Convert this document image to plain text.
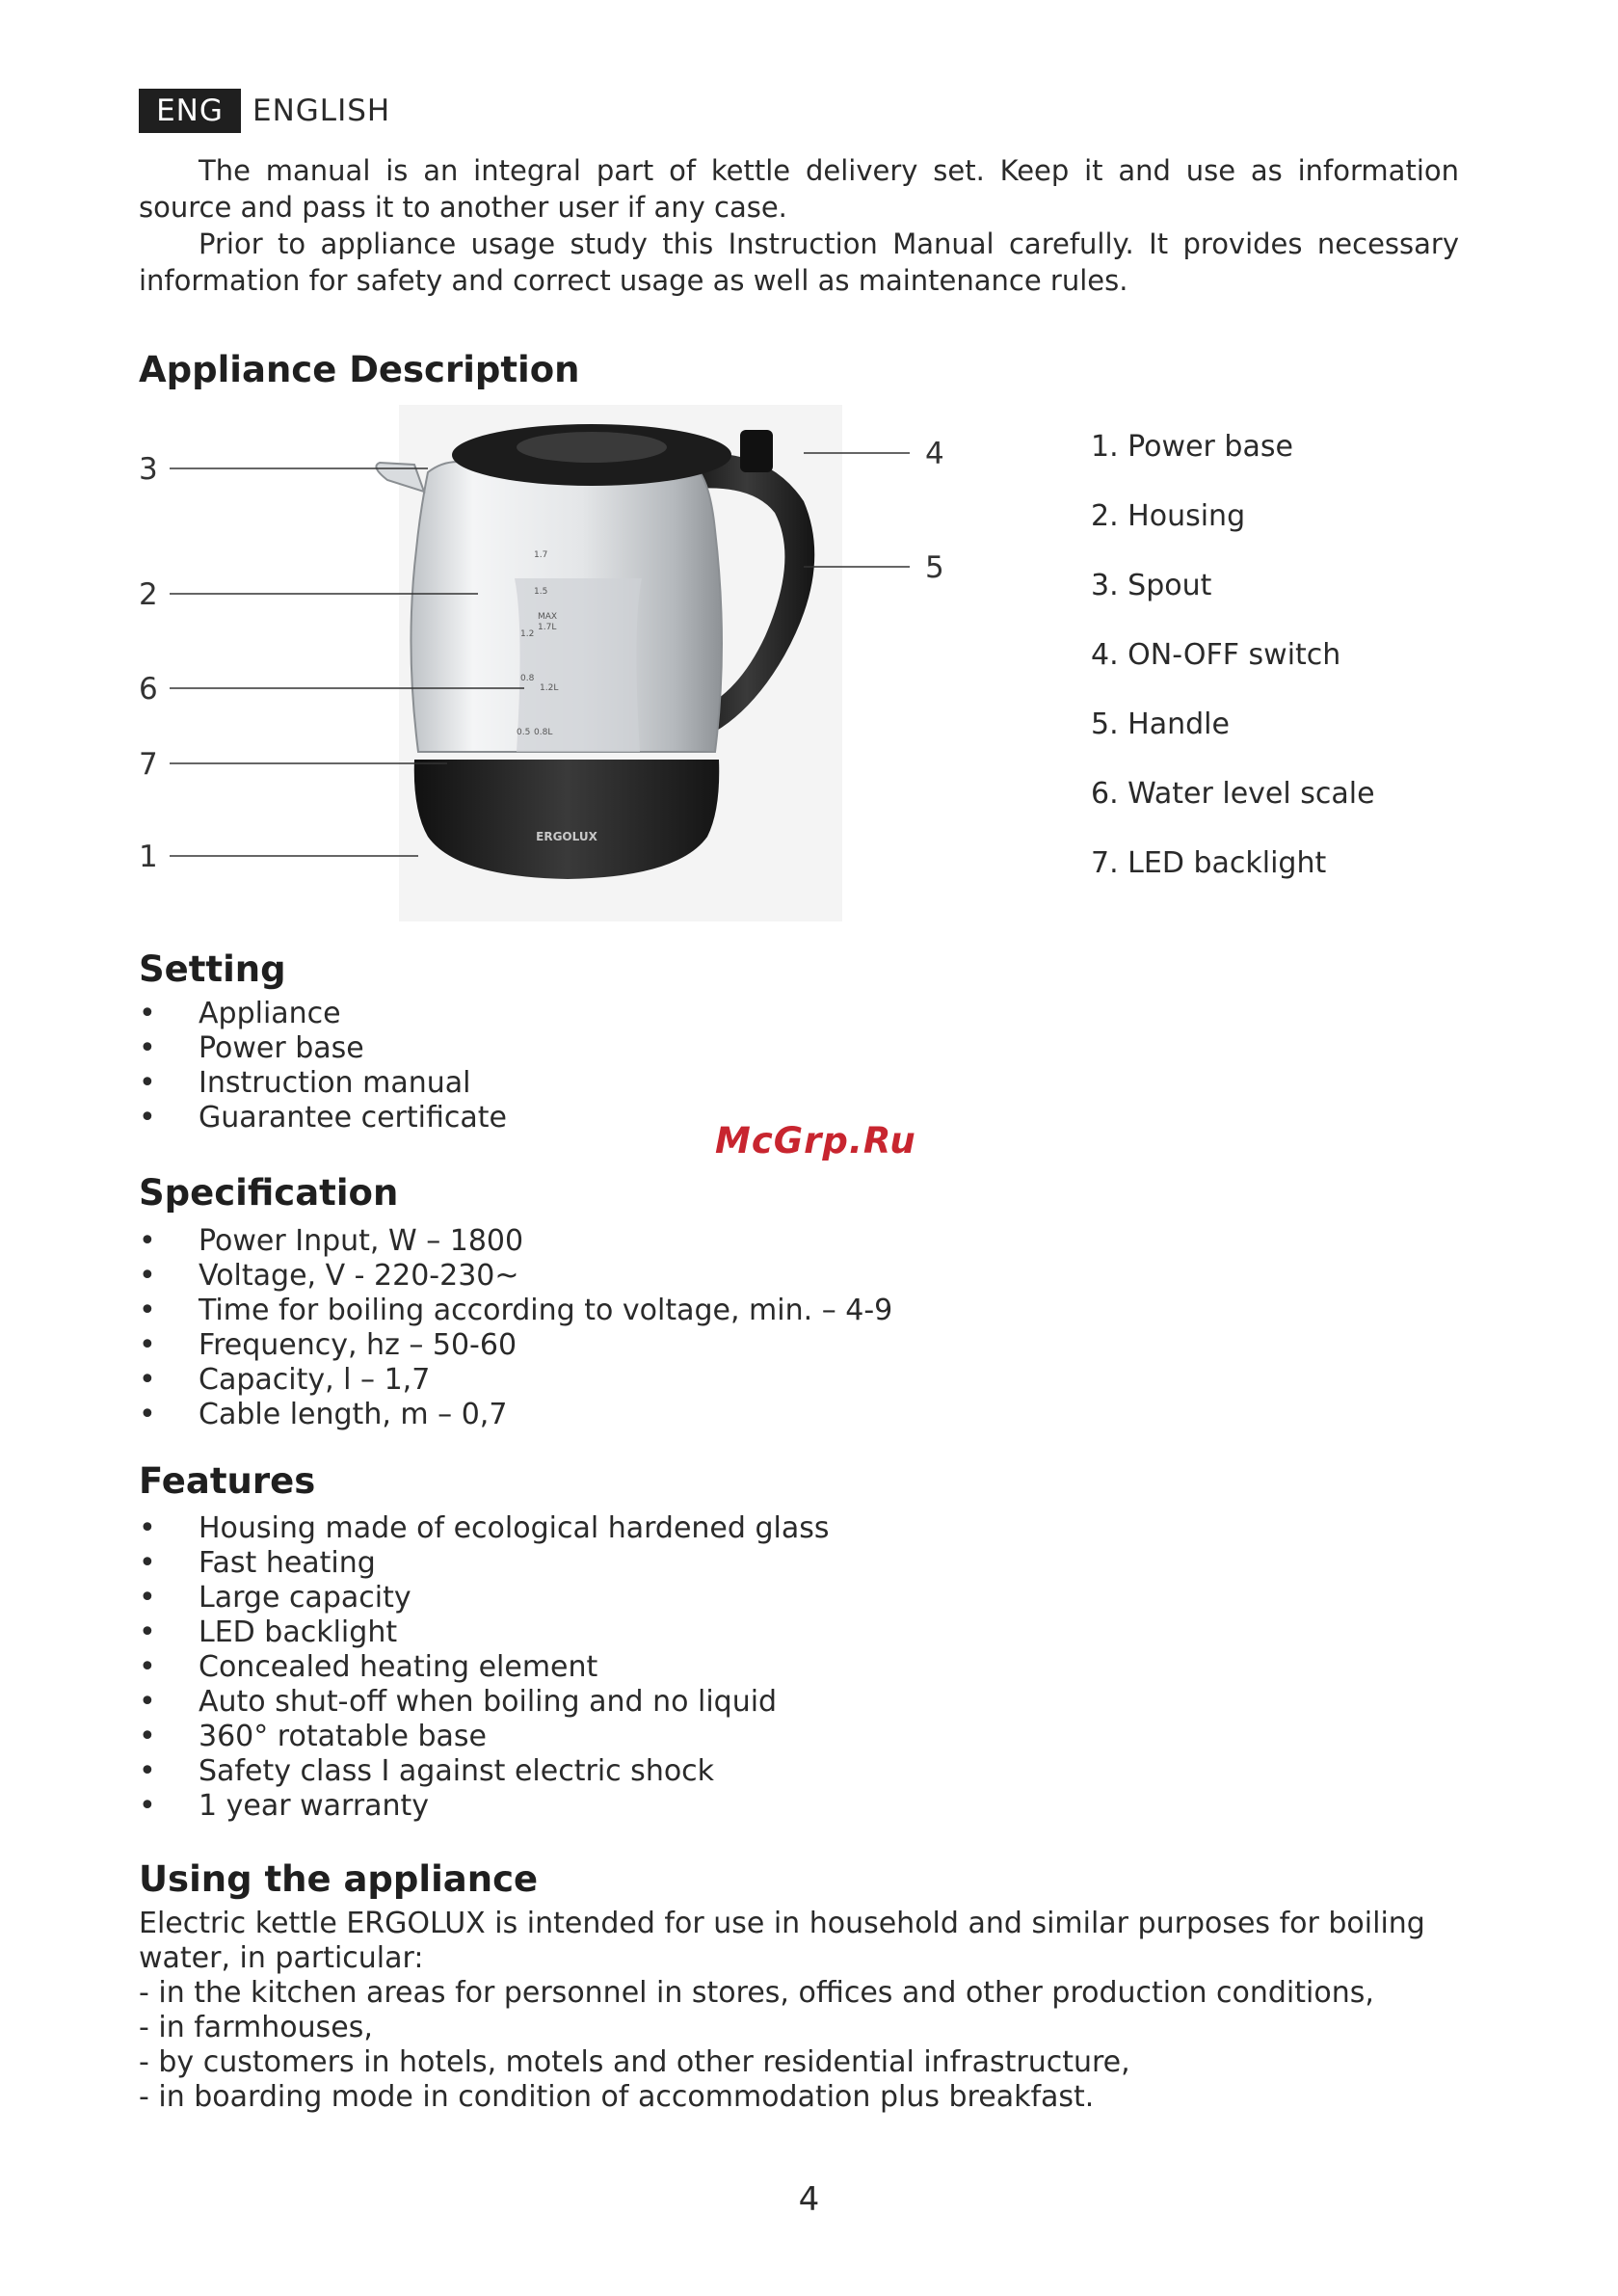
ENG ENGLISH

The manual is an integral part of kettle delivery set. Keep it and use as information source and pass it to another user if any case.

Prior to appliance usage study this Instruction Manual carefully. It provides necessary information for safety and correct usage as well as maintenance rules.

Appliance Description
1.7
1.5
MAX
1.7L
1.2
0.8
1.2L
0.5 0.8L
ERGOLUX
3
2
6
7
1
4
5
1. Power base
2. Housing
3. Spout
4. ON-OFF switch
5. Handle
6. Water level scale
7. LED backlight
Setting
• Appliance
• Power base
• Instruction manual
• Guarantee certificate
McGrp.Ru
Specification
• Power Input, W – 1800
• Voltage, V - 220-230~
• Time for boiling according to voltage, min. – 4-9
• Frequency, hz – 50-60
• Capacity, l – 1,7
• Cable length, m – 0,7
Features
• Housing made of ecological hardened glass
• Fast heating
• Large capacity
• LED backlight
• Concealed heating element
• Auto shut-off when boiling and no liquid
• 360° rotatable base
• Safety class I against electric shock
• 1 year warranty
Using the appliance
Electric kettle ERGOLUX is intended for use in household and similar purposes for boiling
water, in particular:
- in the kitchen areas for personnel in stores, offices and other production conditions,
- in farmhouses,
- by customers in hotels, motels and other residential infrastructure,
- in boarding mode in condition of accommodation plus breakfast.
4
